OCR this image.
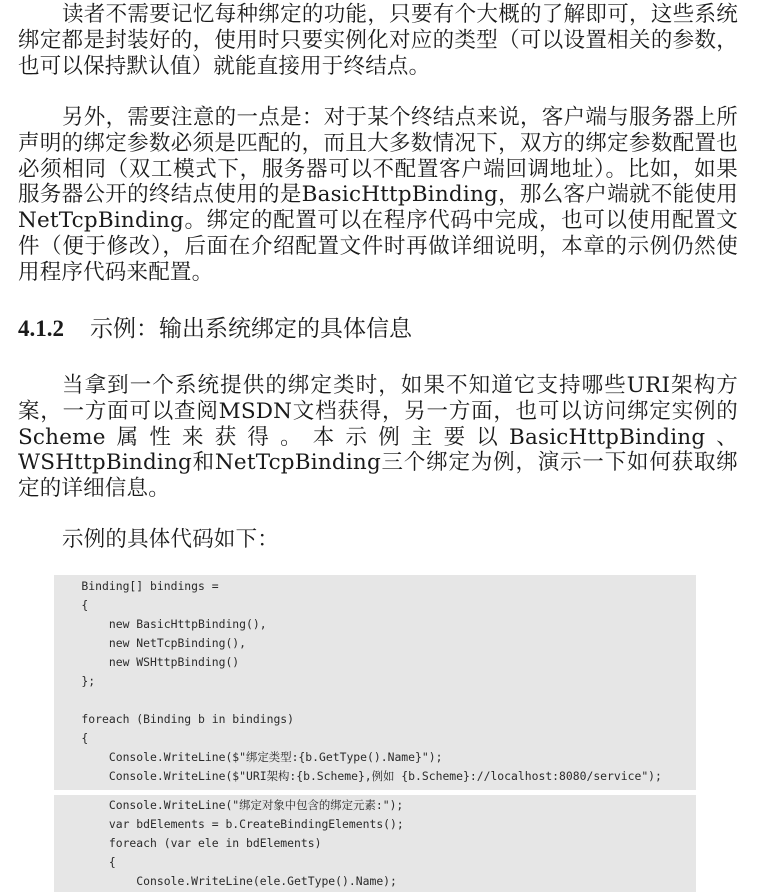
读者不需要记忆每种绑定的功能，只要有个大概的了解即可，这些系统绑定都是封装好的，使用时只要实例化对应的类型（可以设置相关的参数，也可以保持默认值）就能直接用于终结点。

另外，需要注意的一点是：对于某个终结点来说，客户端与服务器上所声明的绑定参数必须是匹配的，而且大多数情况下，双方的绑定参数配置也必须相同（双工模式下，服务器可以不配置客户端回调地址）。比如，如果服务器公开的终结点使用的是BasicHttpBinding，那么客户端就不能使用NetTcpBinding。绑定的配置可以在程序代码中完成，也可以使用配置文件（便于修改），后面在介绍配置文件时再做详细说明，本章的示例仍然使用程序代码来配置。

4.1.2 示例：输出系统绑定的具体信息

当拿到一个系统提供的绑定类时，如果不知道它支持哪些URI架构方案，一方面可以查阅MSDN文档获得，另一方面，也可以访问绑定实例的Scheme属性来获得。本示例主要以BasicHttpBinding、WSHttpBinding和NetTcpBinding三个绑定为例，演示一下如何获取绑定的详细信息。

示例的具体代码如下：

Binding[] bindings =
{
new BasicHttpBinding(),
new NetTcpBinding(),
new WSHttpBinding()
};
foreach (Binding b in bindings)
{
Console.WriteLine($"绑定类型:{b.GetType().Name}");
Console.WriteLine($"URI架构:{b.Scheme},例如 {b.Scheme}://localhost:8080/service");
Console.WriteLine("绑定对象中包含的绑定元素:");
var bdElements = b.CreateBindingElements();
foreach (var ele in bdElements)
{
Console.WriteLine(ele.GetType().Name);
